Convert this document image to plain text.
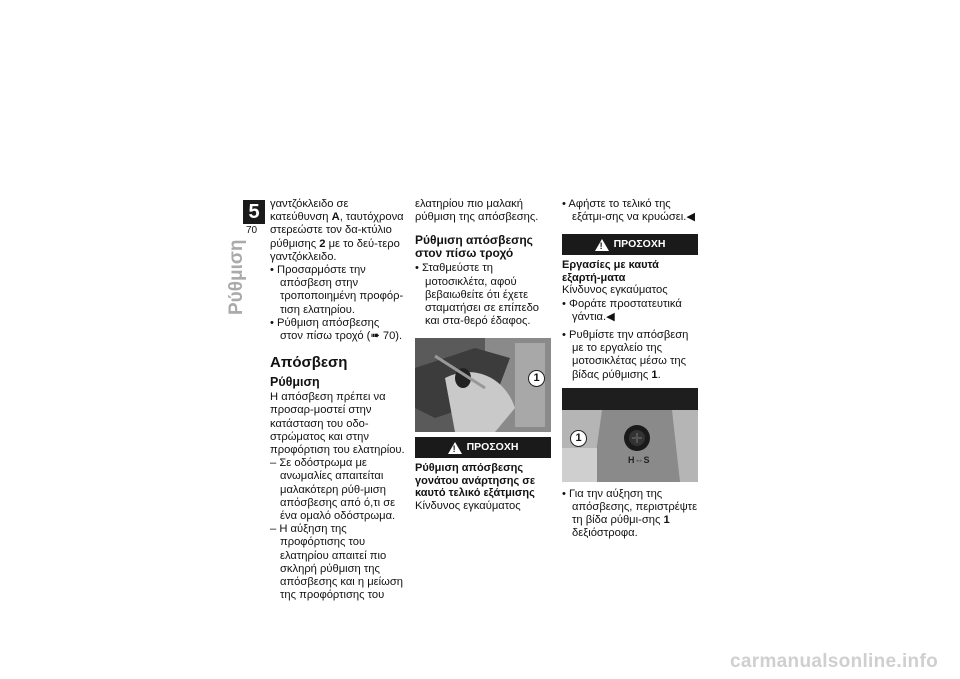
5
70
Ρύθμιση

γαντζόκλειδο σε κατεύθυνση A, ταυτόχρονα στερεώστε τον δα-κτύλιο ρύθμισης 2 με το δεύ-τερο γαντζόκλειδο.

• Προσαρμόστε την απόσβεση στην τροποποιημένη προφόρ-τιση ελατηρίου.

• Ρύθμιση απόσβεσης στον πίσω τροχό (➠ 70).

Απόσβεση
Ρύθμιση

Η απόσβεση πρέπει να προσαρ-μοστεί στην κατάσταση του οδο-στρώματος και στην προφόρτιση του ελατηρίου.

– Σε οδόστρωμα με ανωμαλίες απαιτείται μαλακότερη ρύθ-μιση απόσβεσης από ό,τι σε ένα ομαλό οδόστρωμα.

– Η αύξηση της προφόρτισης του ελατηρίου απαιτεί πιο σκληρή ρύθμιση της απόσβεσης και η μείωση της προφόρτισης του

ελατηρίου πιο μαλακή ρύθμιση της απόσβεσης.

Ρύθμιση απόσβεσης στον πίσω τροχό

• Σταθμεύστε τη μοτοσικλέτα, αφού βεβαιωθείτε ότι έχετε σταματήσει σε επίπεδο και στα-θερό έδαφος.

1
! ΠΡΟΣΟΧΗ
Ρύθμιση απόσβεσης γονάτου ανάρτησης σε καυτό τελικό εξάτμισης

Κίνδυνος εγκαύματος

• Αφήστε το τελικό της εξάτμι-σης να κρυώσει.◀

! ΠΡΟΣΟΧΗ
Εργασίες με καυτά εξαρτή-ματα

Κίνδυνος εγκαύματος

• Φοράτε προστατευτικά γάντια.◀

• Ρυθμίστε την απόσβεση με το εργαλείο της μοτοσικλέτας μέσω της βίδας ρύθμισης 1.

1
H⇔S

• Για την αύξηση της απόσβεσης, περιστρέψτε τη βίδα ρύθμι-σης 1 δεξιόστροφα.

carmanualsonline.info
